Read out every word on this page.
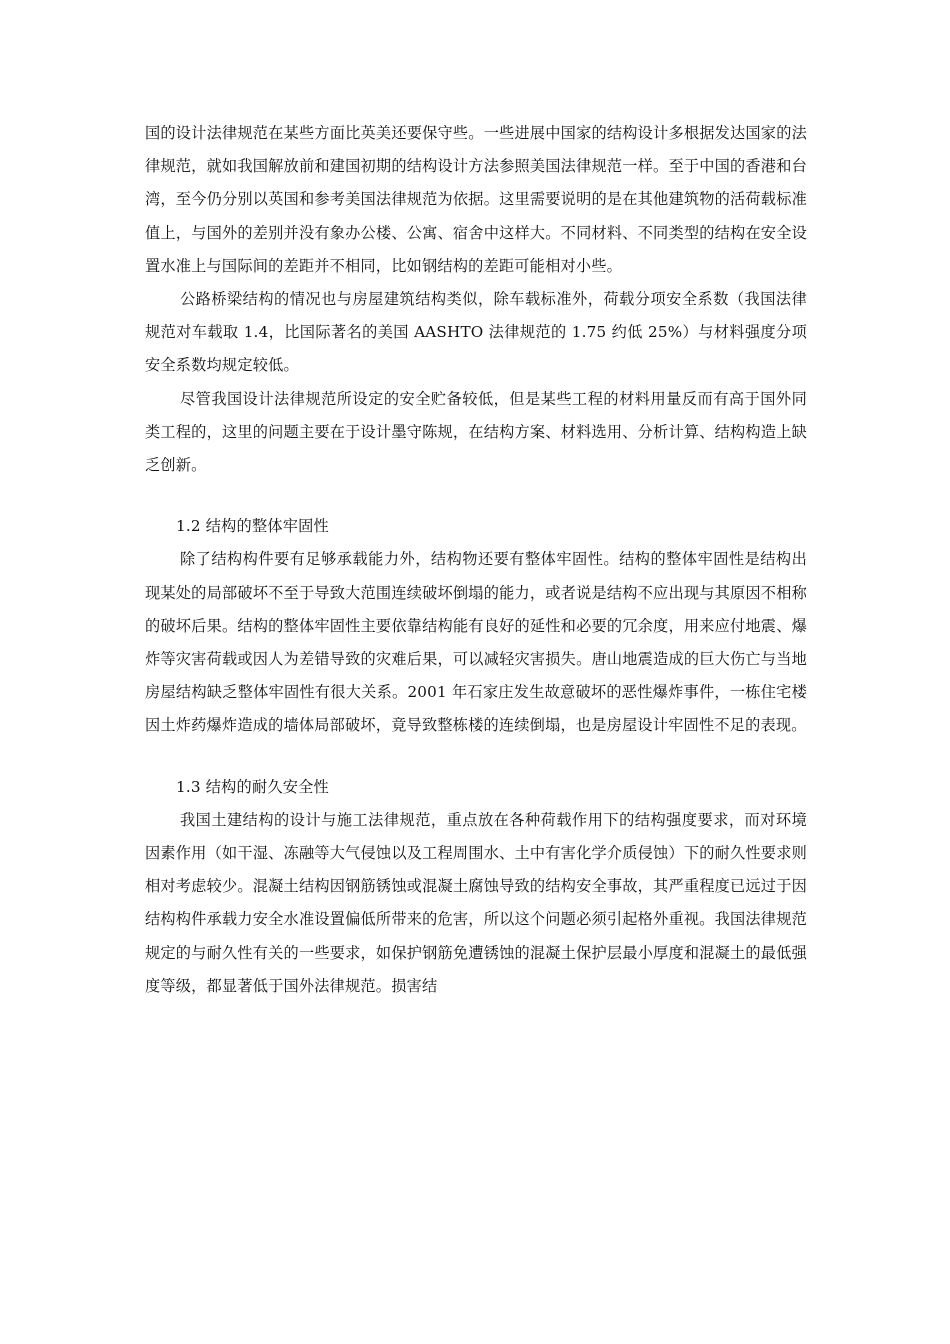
国的设计法律规范在某些方面比英美还要保守些。一些进展中国家的结构设计多根据发达国家的法律规范，就如我国解放前和建国初期的结构设计方法参照美国法律规范一样。至于中国的香港和台湾，至今仍分别以英国和参考美国法律规范为依据。这里需要说明的是在其他建筑物的活荷载标准值上，与国外的差别并没有象办公楼、公寓、宿舍中这样大。不同材料、不同类型的结构在安全设置水准上与国际间的差距并不相同，比如钢结构的差距可能相对小些。

公路桥梁结构的情况也与房屋建筑结构类似，除车载标准外，荷载分项安全系数（我国法律规范对车载取 1.4，比国际著名的美国 AASHTO 法律规范的 1.75 约低 25%）与材料强度分项安全系数均规定较低。

尽管我国设计法律规范所设定的安全贮备较低，但是某些工程的材料用量反而有高于国外同类工程的，这里的问题主要在于设计墨守陈规，在结构方案、材料选用、分析计算、结构构造上缺乏创新。

1.2 结构的整体牢固性

除了结构构件要有足够承载能力外，结构物还要有整体牢固性。结构的整体牢固性是结构出现某处的局部破坏不至于导致大范围连续破坏倒塌的能力，或者说是结构不应出现与其原因不相称的破坏后果。结构的整体牢固性主要依靠结构能有良好的延性和必要的冗余度，用来应付地震、爆炸等灾害荷载或因人为差错导致的灾难后果，可以减轻灾害损失。唐山地震造成的巨大伤亡与当地房屋结构缺乏整体牢固性有很大关系。2001 年石家庄发生故意破坏的恶性爆炸事件，一栋住宅楼因土炸药爆炸造成的墙体局部破坏，竟导致整栋楼的连续倒塌，也是房屋设计牢固性不足的表现。

1.3 结构的耐久安全性

我国土建结构的设计与施工法律规范，重点放在各种荷载作用下的结构强度要求，而对环境因素作用（如干湿、冻融等大气侵蚀以及工程周围水、土中有害化学介质侵蚀）下的耐久性要求则相对考虑较少。混凝土结构因钢筋锈蚀或混凝土腐蚀导致的结构安全事故，其严重程度已远过于因结构构件承载力安全水准设置偏低所带来的危害，所以这个问题必须引起格外重视。我国法律规范规定的与耐久性有关的一些要求，如保护钢筋免遭锈蚀的混凝土保护层最小厚度和混凝土的最低强度等级，都显著低于国外法律规范。损害结
